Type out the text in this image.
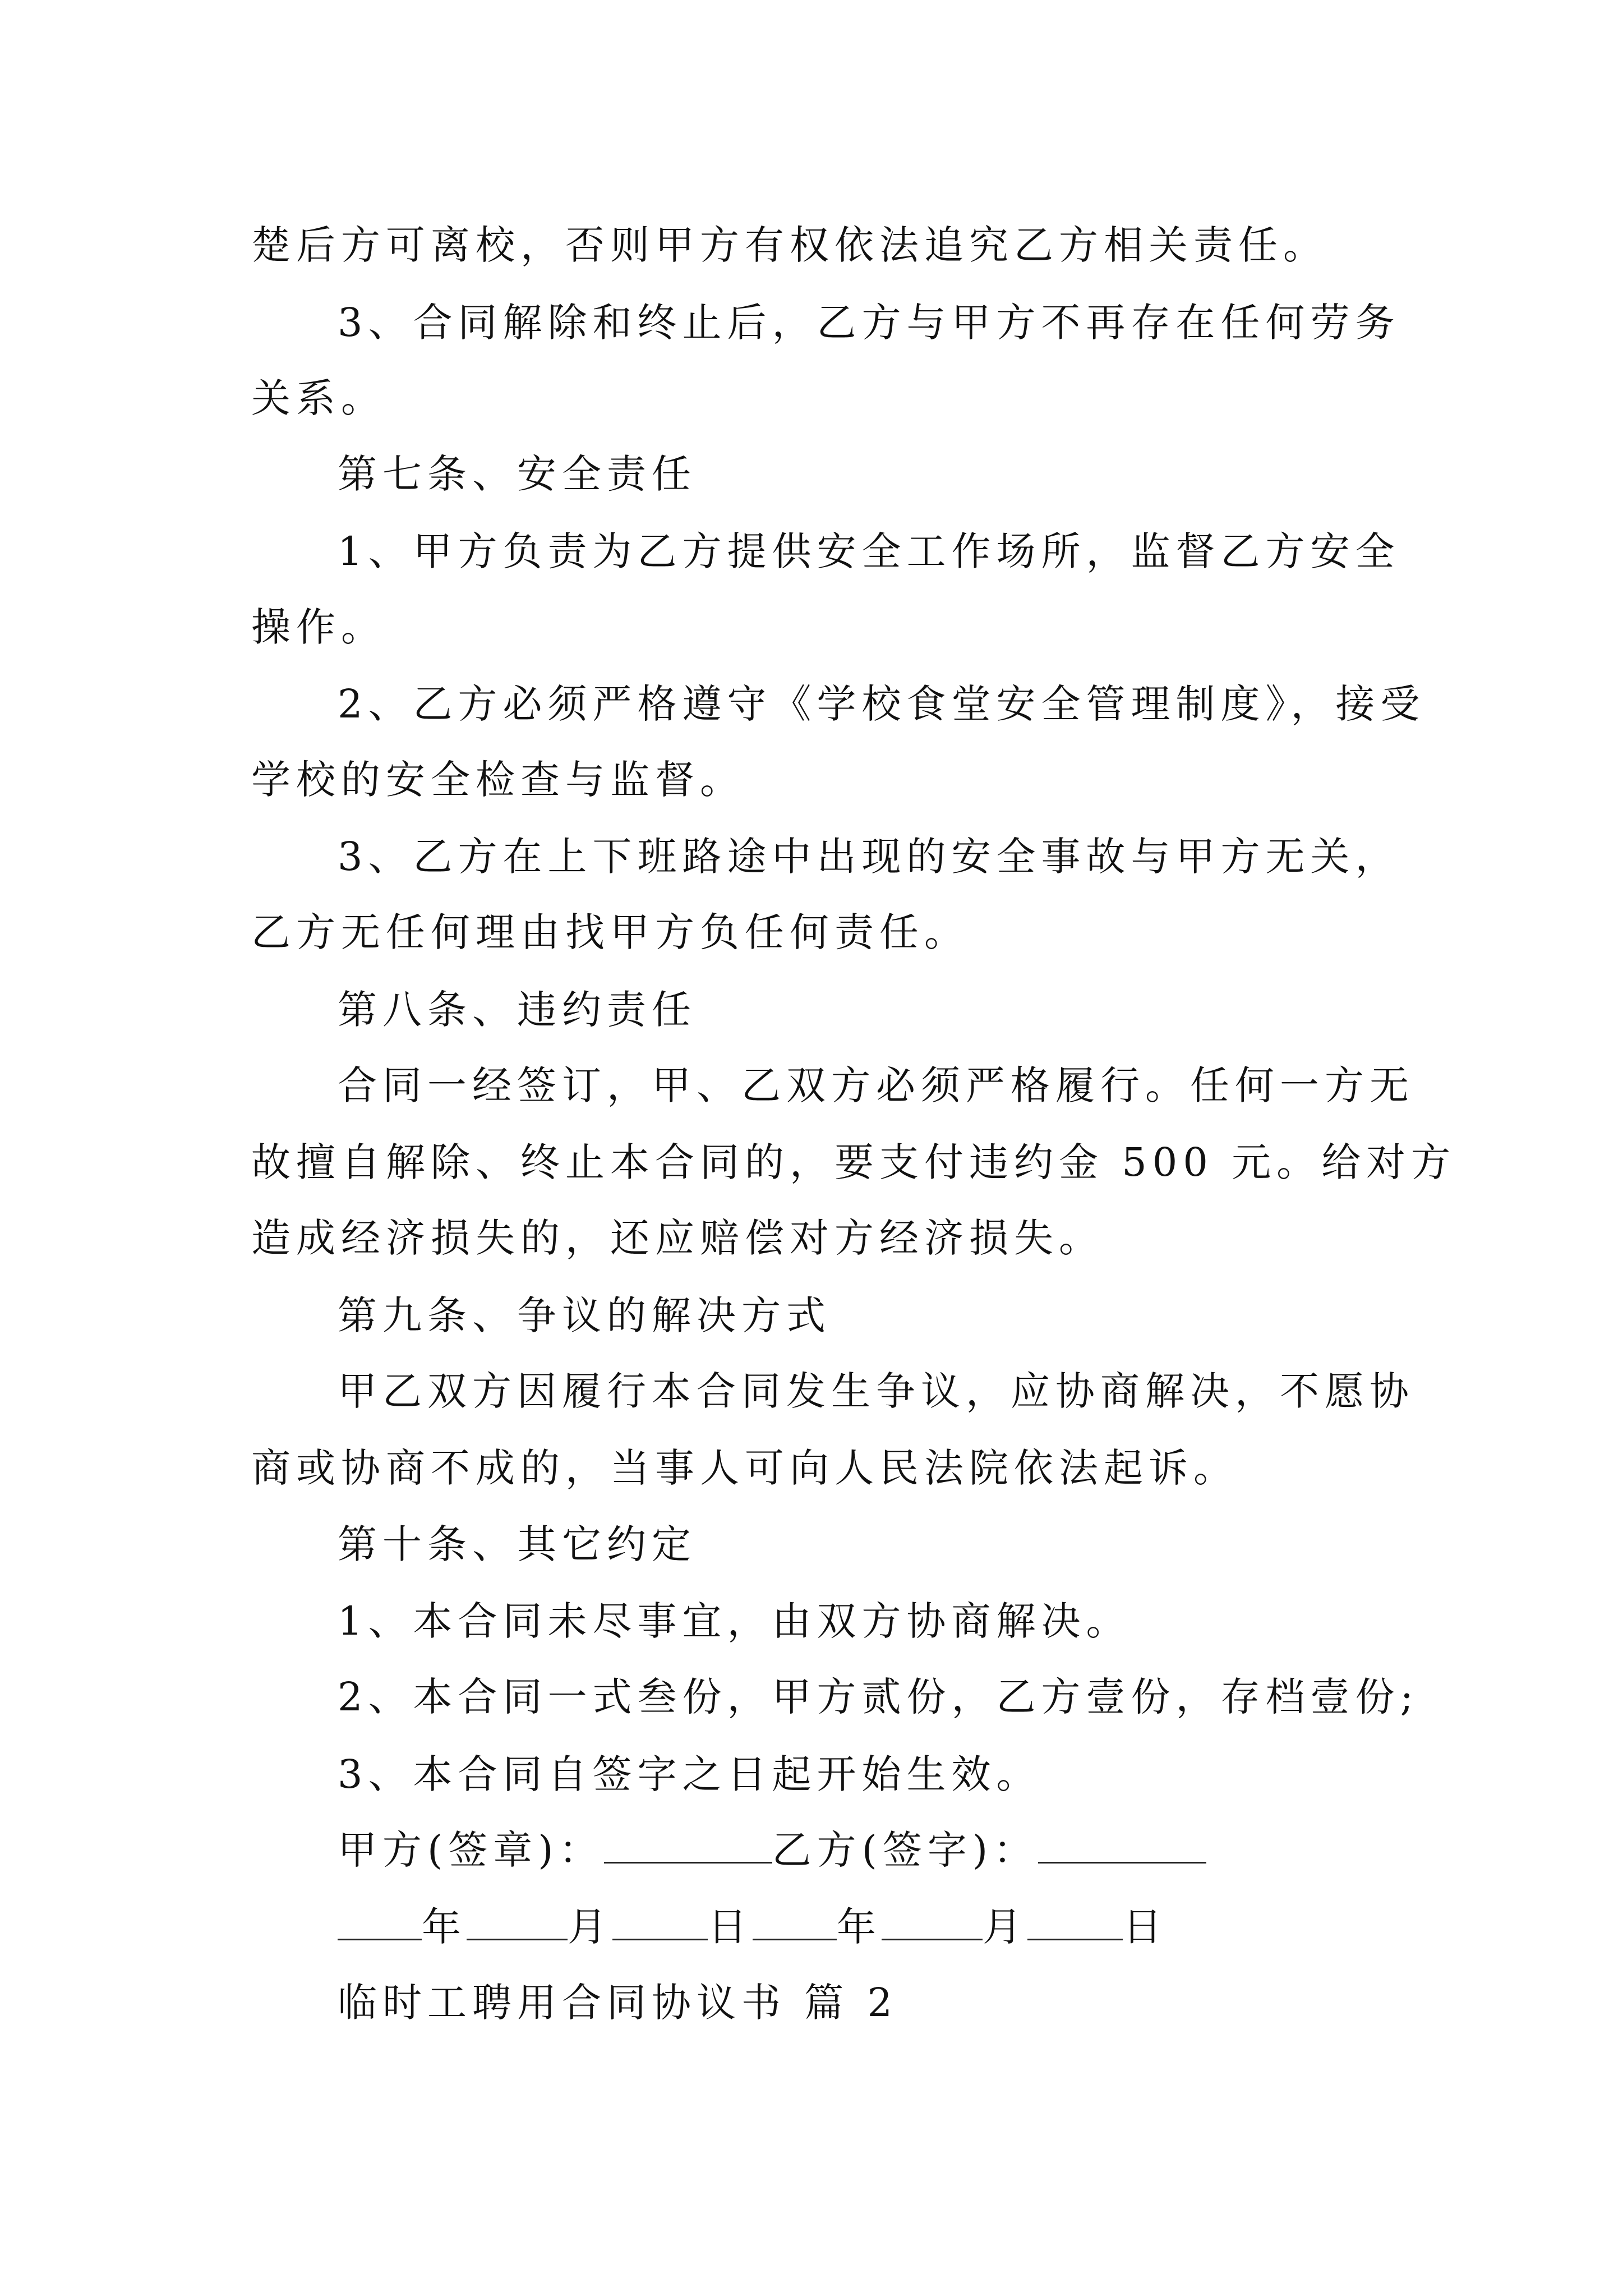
楚后方可离校，否则甲方有权依法追究乙方相关责任。
3、合同解除和终止后，乙方与甲方不再存在任何劳务
关系。
第七条、安全责任
1、甲方负责为乙方提供安全工作场所，监督乙方安全
操作。
2、乙方必须严格遵守《学校食堂安全管理制度》，接受
学校的安全检查与监督。
3、乙方在上下班路途中出现的安全事故与甲方无关，
乙方无任何理由找甲方负任何责任。
第八条、违约责任
合同一经签订，甲、乙双方必须严格履行。任何一方无
故擅自解除、终止本合同的，要支付违约金 500 元。给对方
造成经济损失的，还应赔偿对方经济损失。
第九条、争议的解决方式
甲乙双方因履行本合同发生争议，应协商解决，不愿协
商或协商不成的，当事人可向人民法院依法起诉。
第十条、其它约定
1、本合同未尽事宜，由双方协商解决。
2、本合同一式叁份，甲方贰份，乙方壹份，存档壹份;
3、本合同自签字之日起开始生效。
甲方(签章)：	乙方(签字)：
年	月 日 年	月 日
临时工聘用合同协议书 篇 2
